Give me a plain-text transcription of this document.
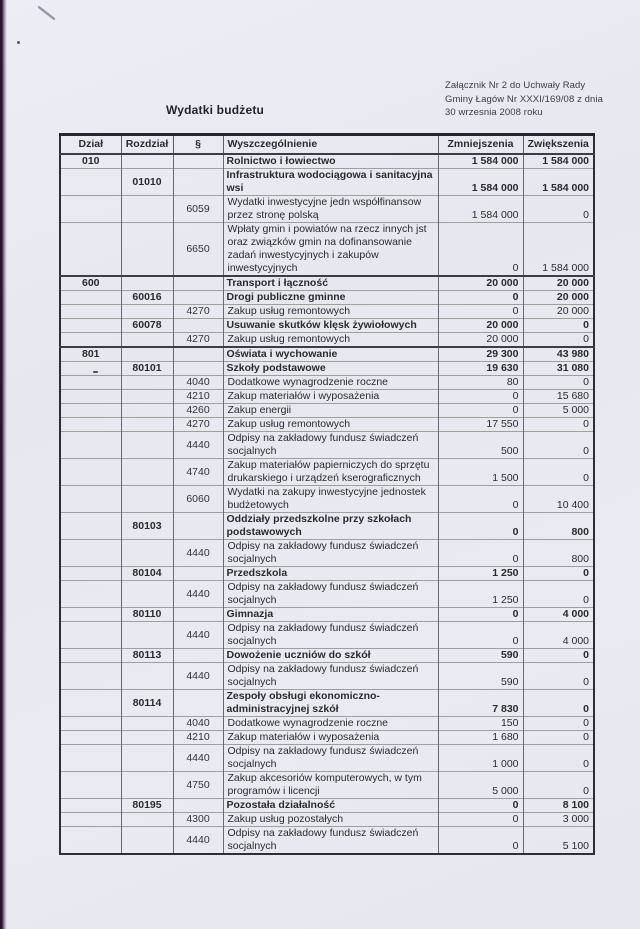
Załącznik Nr 2 do Uchwały Rady
Gminy Łagów Nr XXXI/169/08 z dnia
30 wrzesnia 2008 roku
Wydatki budżetu
Dział	Rozdział	§	Wyszczególnienie	Zmniejszenia	Zwiększenia
010			Rolnictwo i łowiectwo	1 584 000	1 584 000
	01010		Infrastruktura wodociągowa i sanitacyjna wsi	1 584 000	1 584 000
		6059	Wydatki inwestycyjne jedn współfinansow przez stronę polską	1 584 000	0
		6650	Wpłaty gmin i powiatów na rzecz innych jst oraz związków gmin na dofinansowanie zadań inwestycyjnych i zakupów inwestycyjnych	0	1 584 000
600			Transport i łączność	20 000	20 000
	60016		Drogi publiczne gminne	0	20 000
		4270	Zakup usług remontowych	0	20 000
	60078		Usuwanie skutków klęsk żywiołowych	20 000	0
		4270	Zakup usług remontowych	20 000	0
801			Oświata i wychowanie	29 300	43 980
	80101		Szkoły podstawowe	19 630	31 080
		4040	Dodatkowe wynagrodzenie roczne	80	0
		4210	Zakup materiałów i wyposażenia	0	15 680
		4260	Zakup energii	0	5 000
		4270	Zakup usług remontowych	17 550	0
		4440	Odpisy na zakładowy fundusz świadczeń socjalnych	500	0
		4740	Zakup materiałów papierniczych do sprzętu drukarskiego i urządzeń kserograficznych	1 500	0
		6060	Wydatki na zakupy inwestycyjne jednostek budżetowych	0	10 400
	80103		Oddziały przedszkolne przy szkołach podstawowych	0	800
		4440	Odpisy na zakładowy fundusz świadczeń socjalnych	0	800
	80104		Przedszkola	1 250	0
		4440	Odpisy na zakładowy fundusz świadczeń socjalnych	1 250	0
	80110		Gimnazja	0	4 000
		4440	Odpisy na zakładowy fundusz świadczeń socjalnych	0	4 000
	80113		Dowożenie uczniów do szkół	590	0
		4440	Odpisy na zakładowy fundusz świadczeń socjalnych	590	0
	80114		Zespoły obsługi ekonomiczno-administracyjnej szkół	7 830	0
		4040	Dodatkowe wynagrodzenie roczne	150	0
		4210	Zakup materiałów i wyposażenia	1 680	0
		4440	Odpisy na zakładowy fundusz świadczeń socjalnych	1 000	0
		4750	Zakup akcesoriów komputerowych, w tym programów i licencji	5 000	0
	80195		Pozostała działalność	0	8 100
		4300	Zakup usług pozostałych	0	3 000
		4440	Odpisy na zakładowy fundusz świadczeń socjalnych	0	5 100
